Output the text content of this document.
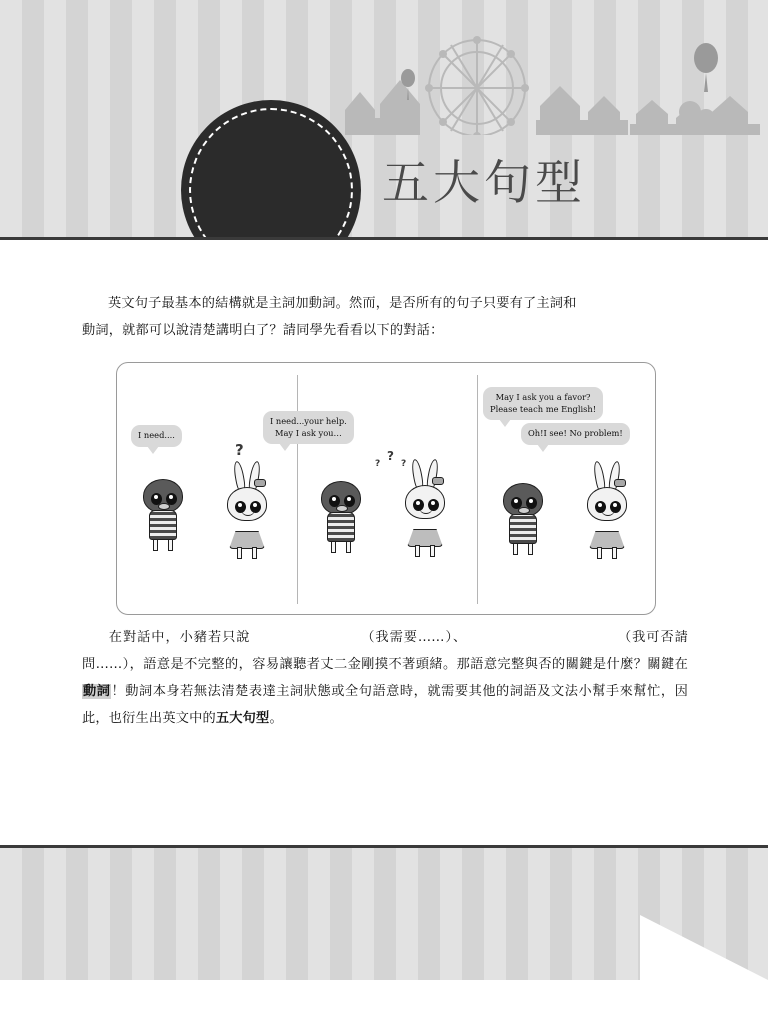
五大句型
英文句子最基本的結構就是主詞加動詞。然而，是否所有的句子只要有了主詞和
動詞，就都可以說清楚講明白了？請同學先看看以下的對話：
I need....
?
I need...your help.
May I ask you…
?
?
?
May I ask you a favor?
Please teach me English!
Oh!I see! No problem!
在對話中，小豬若只說	（我需要……）、	（我可否請問……），語意是不完整的，容易讓聽者丈二金剛摸不著頭緒。那語意完整與否的關鍵是什麼？關鍵在動詞！動詞本身若無法清楚表達主詞狀態或全句語意時，就需要其他的詞語及文法小幫手來幫忙，因此，也衍生出英文中的五大句型。
